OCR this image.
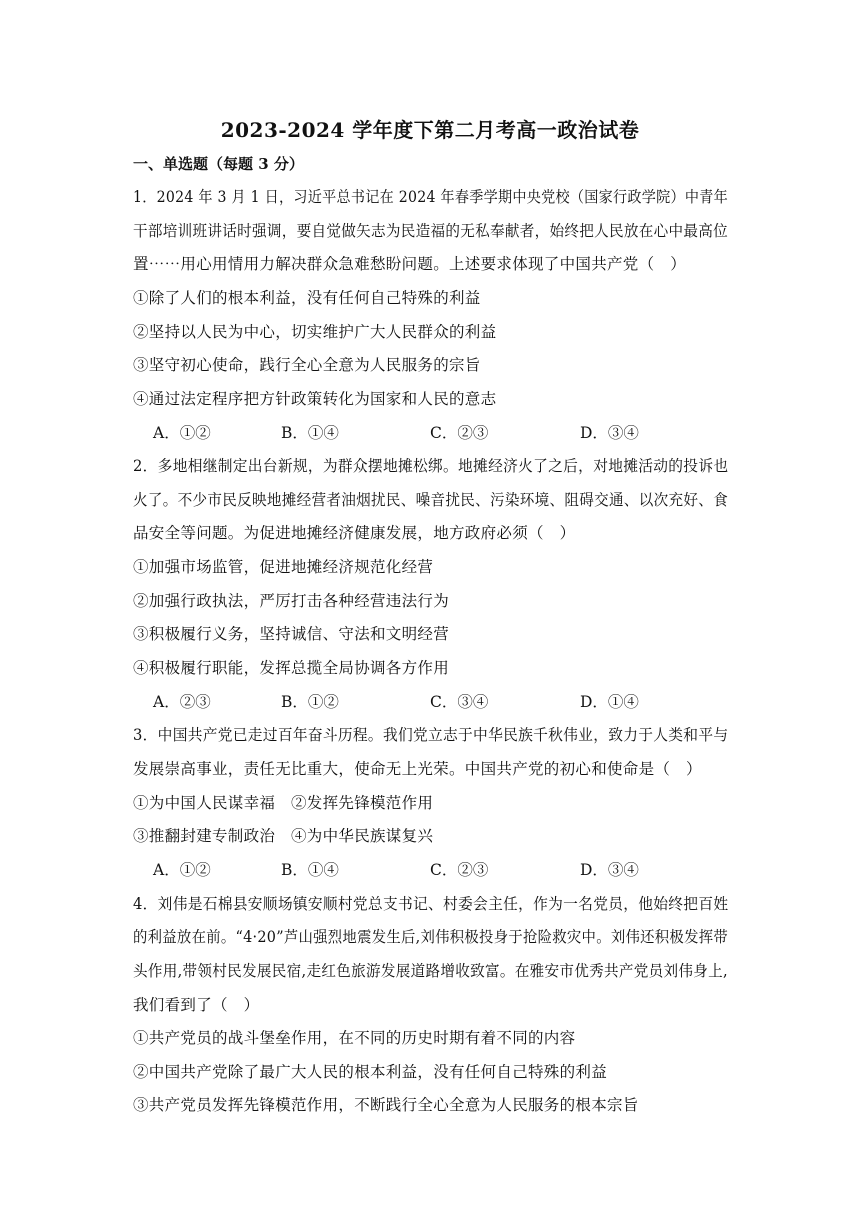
2023-2024 学年度下第二月考高一政治试卷
一、单选题（每题 3 分）
1．2024 年 3 月 1 日，习近平总书记在 2024 年春季学期中央党校（国家行政学院）中青年
干部培训班讲话时强调，要自觉做矢志为民造福的无私奉献者，始终把人民放在心中最高位
置⋯⋯用心用情用力解决群众急难愁盼问题。上述要求体现了中国共产党（　）
①除了人们的根本利益，没有任何自己特殊的利益
②坚持以人民为中心，切实维护广大人民群众的利益
③坚守初心使命，践行全心全意为人民服务的宗旨
④通过法定程序把方针政策转化为国家和人民的意志
A．①②	B．①④	C．②③	D．③④
2．多地相继制定出台新规，为群众摆地摊松绑。地摊经济火了之后，对地摊活动的投诉也
火了。不少市民反映地摊经营者油烟扰民、噪音扰民、污染环境、阻碍交通、以次充好、食
品安全等问题。为促进地摊经济健康发展，地方政府必须（　）
①加强市场监管，促进地摊经济规范化经营
②加强行政执法，严厉打击各种经营违法行为
③积极履行义务，坚持诚信、守法和文明经营
④积极履行职能，发挥总揽全局协调各方作用
A．②③	B．①②	C．③④	D．①④
3．中国共产党已走过百年奋斗历程。我们党立志于中华民族千秋伟业，致力于人类和平与
发展崇高事业，责任无比重大，使命无上光荣。中国共产党的初心和使命是（　）
①为中国人民谋幸福　②发挥先锋模范作用
③推翻封建专制政治　④为中华民族谋复兴
A．①②	B．①④	C．②③	D．③④
4．刘伟是石棉县安顺场镇安顺村党总支书记、村委会主任，作为一名党员，他始终把百姓
的利益放在前。“4·20”芦山强烈地震发生后,刘伟积极投身于抢险救灾中。刘伟还积极发挥带
头作用,带领村民发展民宿,走红色旅游发展道路增收致富。在雅安市优秀共产党员刘伟身上,
我们看到了（　）
①共产党员的战斗堡垒作用，在不同的历史时期有着不同的内容
②中国共产党除了最广大人民的根本利益，没有任何自己特殊的利益
③共产党员发挥先锋模范作用，不断践行全心全意为人民服务的根本宗旨
